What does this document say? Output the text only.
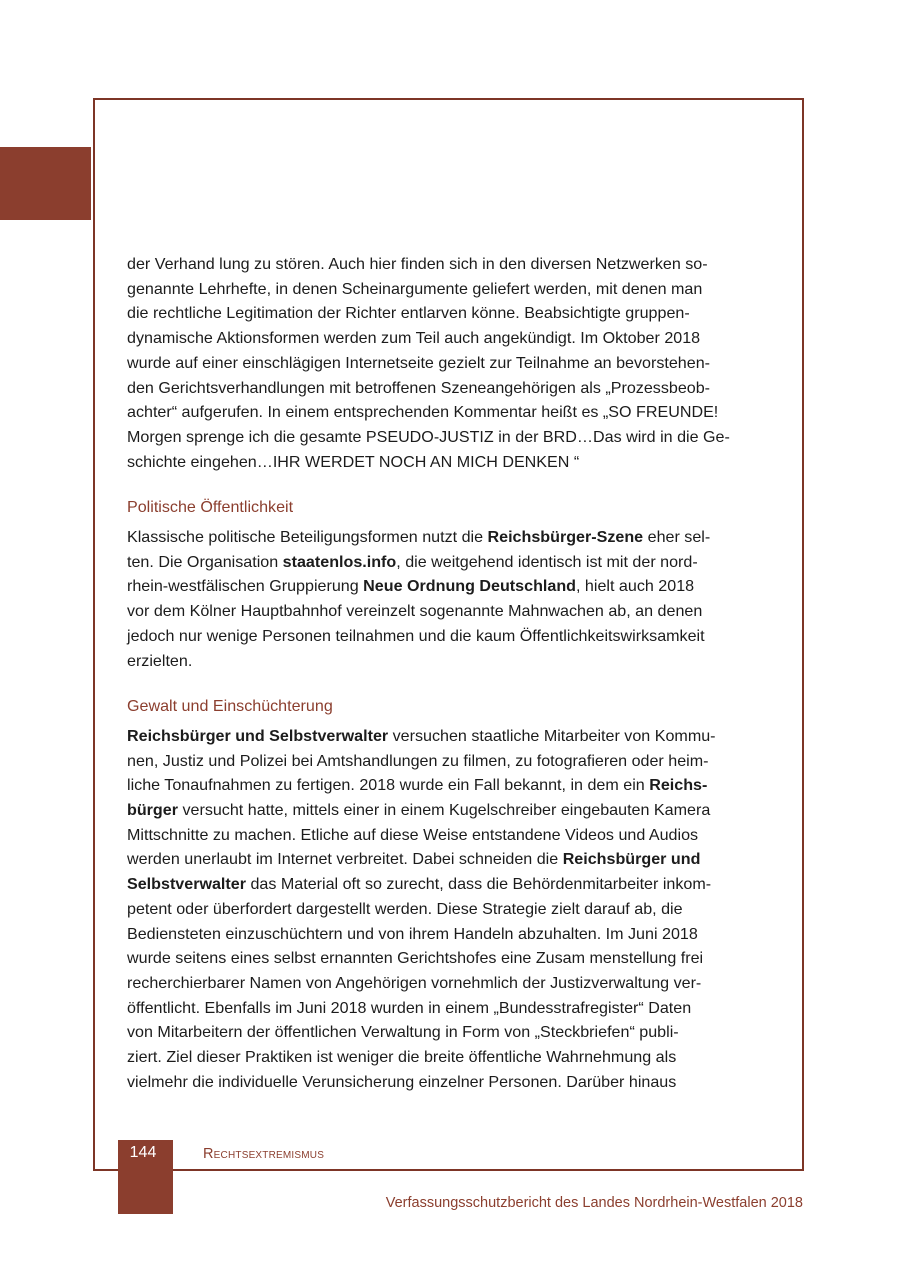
der Verhand lung zu stören. Auch hier finden sich in den diversen Netzwerken so-
genannte Lehrhefte, in denen Scheinargumente geliefert werden, mit denen man
die rechtliche Legitimation der Richter entlarven könne. Beabsichtigte gruppen-
dynamische Aktionsformen werden zum Teil auch angekündigt. Im Oktober 2018
wurde auf einer einschlägigen Internetseite gezielt zur Teilnahme an bevorstehen-
den Gerichtsverhandlungen mit betroffenen Szeneangehörigen als „Prozessbeob-
achter“ aufgerufen. In einem entsprechenden Kommentar heißt es „SO FREUNDE!
Morgen sprenge ich die gesamte PSEUDO-JUSTIZ in der BRD…Das wird in die Ge-
schichte eingehen…IHR WERDET NOCH AN MICH DENKEN “
Politische Öffentlichkeit
Klassische politische Beteiligungsformen nutzt die Reichsbürger-Szene eher sel-
ten. Die Organisation staatenlos.info, die weitgehend identisch ist mit der nord-
rhein-westfälischen Gruppierung Neue Ordnung Deutschland, hielt auch 2018
vor dem Kölner Hauptbahnhof vereinzelt sogenannte Mahnwachen ab, an denen
jedoch nur wenige Personen teilnahmen und die kaum Öffentlichkeitswirksamkeit
erzielten.
Gewalt und Einschüchterung
Reichsbürger und Selbstverwalter versuchen staatliche Mitarbeiter von Kommu-
nen, Justiz und Polizei bei Amtshandlungen zu filmen, zu fotografieren oder heim-
liche Tonaufnahmen zu fertigen. 2018 wurde ein Fall bekannt, in dem ein Reichs-
bürger versucht hatte, mittels einer in einem Kugelschreiber eingebauten Kamera
Mittschnitte zu machen. Etliche auf diese Weise entstandene Videos und Audios
werden unerlaubt im Internet verbreitet. Dabei schneiden die Reichsbürger und
Selbstverwalter das Material oft so zurecht, dass die Behördenmitarbeiter inkom-
petent oder überfordert dargestellt werden. Diese Strategie zielt darauf ab, die
Bediensteten einzuschüchtern und von ihrem Handeln abzuhalten. Im Juni 2018
wurde seitens eines selbst ernannten Gerichtshofes eine Zusam menstellung frei
recherchierbarer Namen von Angehörigen vornehmlich der Justizverwaltung ver-
öffentlicht. Ebenfalls im Juni 2018 wurden in einem „Bundesstrafregister“ Daten
von Mitarbeitern der öffentlichen Verwaltung in Form von „Steckbriefen“ publi-
ziert. Ziel dieser Praktiken ist weniger die breite öffentliche Wahrnehmung als
vielmehr die individuelle Verunsicherung einzelner Personen. Darüber hinaus
144	Rechtsextremismus
Verfassungsschutzbericht des Landes Nordrhein-Westfalen 2018
